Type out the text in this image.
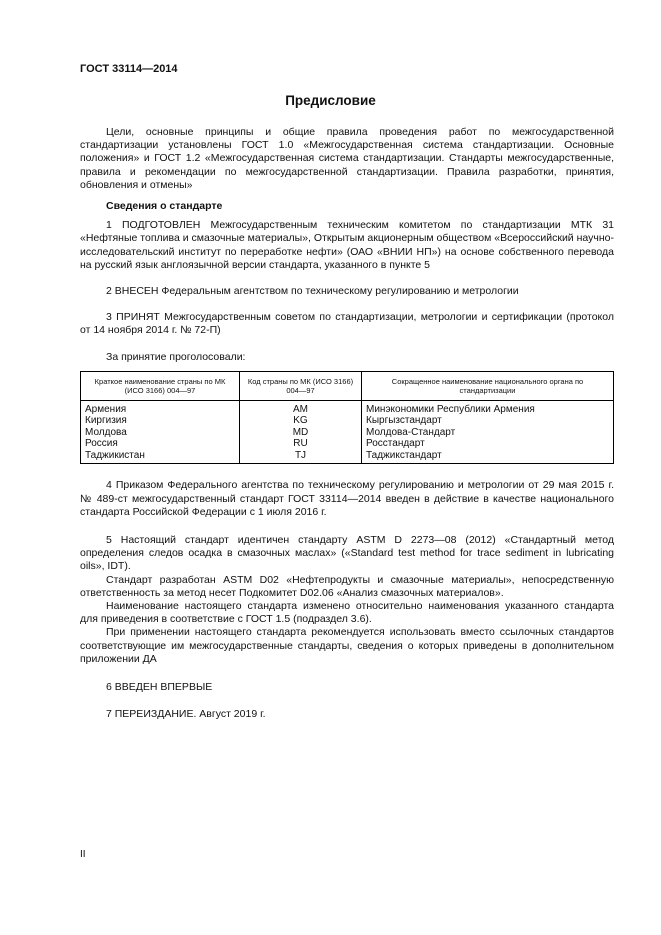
ГОСТ 33114—2014
Предисловие

Цели, основные принципы и общие правила проведения работ по межгосударственной стандартизации установлены ГОСТ 1.0 «Межгосударственная система стандартизации. Основные положения» и ГОСТ 1.2 «Межгосударственная система стандартизации. Стандарты межгосударственные, правила и рекомендации по межгосударственной стандартизации. Правила разработки, принятия, обновления и отмены»

Сведения о стандарте

1 ПОДГОТОВЛЕН Межгосударственным техническим комитетом по стандартизации МТК 31 «Нефтяные топлива и смазочные материалы», Открытым акционерным обществом «Всероссийский научно-исследовательский институт по переработке нефти» (ОАО «ВНИИ НП») на основе собственного перевода на русский язык англоязычной версии стандарта, указанного в пункте 5

2 ВНЕСЕН Федеральным агентством по техническому регулированию и метрологии

3 ПРИНЯТ Межгосударственным советом по стандартизации, метрологии и сертификации (протокол от 14 ноября 2014 г. № 72-П)

За принятие проголосовали:

Краткое наименование страны по МК (ИСО 3166) 004—97	Код страны по МК (ИСО 3166) 004—97	Сокращенное наименование национального органа по стандартизации
Армения	AM	Минэкономики Республики Армения
Киргизия	KG	Кыргызстандарт
Молдова	MD	Молдова-Стандарт
Россия	RU	Росстандарт
Таджикистан	TJ	Таджикстандарт

4 Приказом Федерального агентства по техническому регулированию и метрологии от 29 мая 2015 г. № 489-ст межгосударственный стандарт ГОСТ 33114—2014 введен в действие в качестве национального стандарта Российской Федерации с 1 июля 2016 г.

5 Настоящий стандарт идентичен стандарту ASTM D 2273—08 (2012) «Стандартный метод определения следов осадка в смазочных маслах» («Standard test method for trace sediment in lubricating oils», IDT).

Стандарт разработан ASTM D02 «Нефтепродукты и смазочные материалы», непосредственную ответственность за метод несет Подкомитет D02.06 «Анализ смазочных материалов».

Наименование настоящего стандарта изменено относительно наименования указанного стандарта для приведения в соответствие с ГОСТ 1.5 (подраздел 3.6).

При применении настоящего стандарта рекомендуется использовать вместо ссылочных стандартов соответствующие им межгосударственные стандарты, сведения о которых приведены в дополнительном приложении ДА

6 ВВЕДЕН ВПЕРВЫЕ

7 ПЕРЕИЗДАНИЕ. Август 2019 г.

II
